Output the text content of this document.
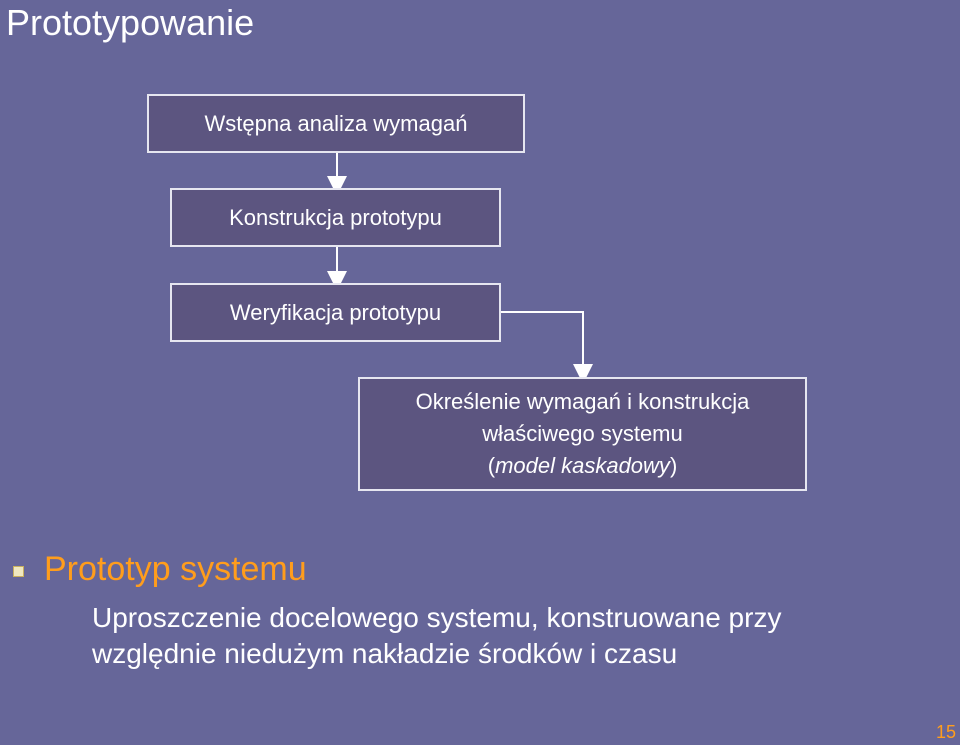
Prototypowanie
Wstępna analiza wymagań
Konstrukcja prototypu
Weryfikacja prototypu
Określenie wymagań i konstrukcja
właściwego systemu
(model kaskadowy)
Prototyp systemu
Uproszczenie docelowego systemu, konstruowane przy
względnie niedużym nakładzie środków i czasu
15
